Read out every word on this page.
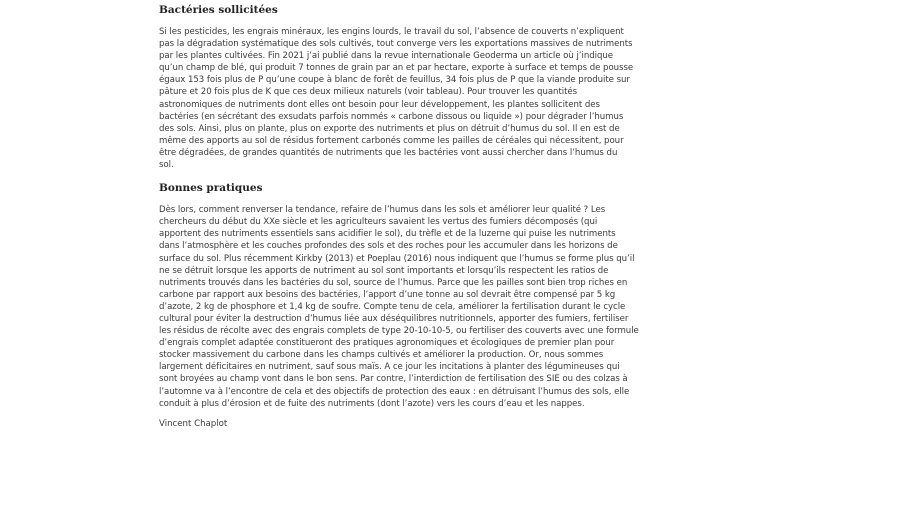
Bactéries sollicitées
Si les pesticides, les engrais minéraux, les engins lourds, le travail du sol, l’absence de couverts n’expliquent
pas la dégradation systématique des sols cultivés, tout converge vers les exportations massives de nutriments
par les plantes cultivées. Fin 2021 j’ai publié dans la revue internationale Geoderma un article où j’indique
qu’un champ de blé, qui produit 7 tonnes de grain par an et par hectare, exporte à surface et temps de pousse
égaux 153 fois plus de P qu’une coupe à blanc de forêt de feuillus, 34 fois plus de P que la viande produite sur
pâture et 20 fois plus de K que ces deux milieux naturels (voir tableau). Pour trouver les quantités
astronomiques de nutriments dont elles ont besoin pour leur développement, les plantes sollicitent des
bactéries (en sécrétant des exsudats parfois nommés « carbone dissous ou liquide ») pour dégrader l’humus
des sols. Ainsi, plus on plante, plus on exporte des nutriments et plus on détruit d’humus du sol. Il en est de
même des apports au sol de résidus fortement carbonés comme les pailles de céréales qui nécessitent, pour
être dégradées, de grandes quantités de nutriments que les bactéries vont aussi chercher dans l’humus du
sol.
Bonnes pratiques
Dès lors, comment renverser la tendance, refaire de l’humus dans les sols et améliorer leur qualité ? Les
chercheurs du début du XXe siècle et les agriculteurs savaient les vertus des fumiers décomposés (qui
apportent des nutriments essentiels sans acidifier le sol), du trèfle et de la luzerne qui puise les nutriments
dans l’atmosphère et les couches profondes des sols et des roches pour les accumuler dans les horizons de
surface du sol. Plus récemment Kirkby (2013) et Poeplau (2016) nous indiquent que l’humus se forme plus qu’il
ne se détruit lorsque les apports de nutriment au sol sont importants et lorsqu’ils respectent les ratios de
nutriments trouvés dans les bactéries du sol, source de l’humus. Parce que les pailles sont bien trop riches en
carbone par rapport aux besoins des bactéries, l’apport d’une tonne au sol devrait être compensé par 5 kg
d’azote, 2 kg de phosphore et 1,4 kg de soufre. Compte tenu de cela, améliorer la fertilisation durant le cycle
cultural pour éviter la destruction d’humus liée aux déséquilibres nutritionnels, apporter des fumiers, fertiliser
les résidus de récolte avec des engrais complets de type 20-10-10-5, ou fertiliser des couverts avec une formule
d’engrais complet adaptée constitueront des pratiques agronomiques et écologiques de premier plan pour
stocker massivement du carbone dans les champs cultivés et améliorer la production. Or, nous sommes
largement déficitaires en nutriment, sauf sous maïs. A ce jour les incitations à planter des légumineuses qui
sont broyées au champ vont dans le bon sens. Par contre, l’interdiction de fertilisation des SIE ou des colzas à
l’automne va à l’encontre de cela et des objectifs de protection des eaux : en détruisant l’humus des sols, elle
conduit à plus d’érosion et de fuite des nutriments (dont l’azote) vers les cours d’eau et les nappes.
Vincent Chaplot
